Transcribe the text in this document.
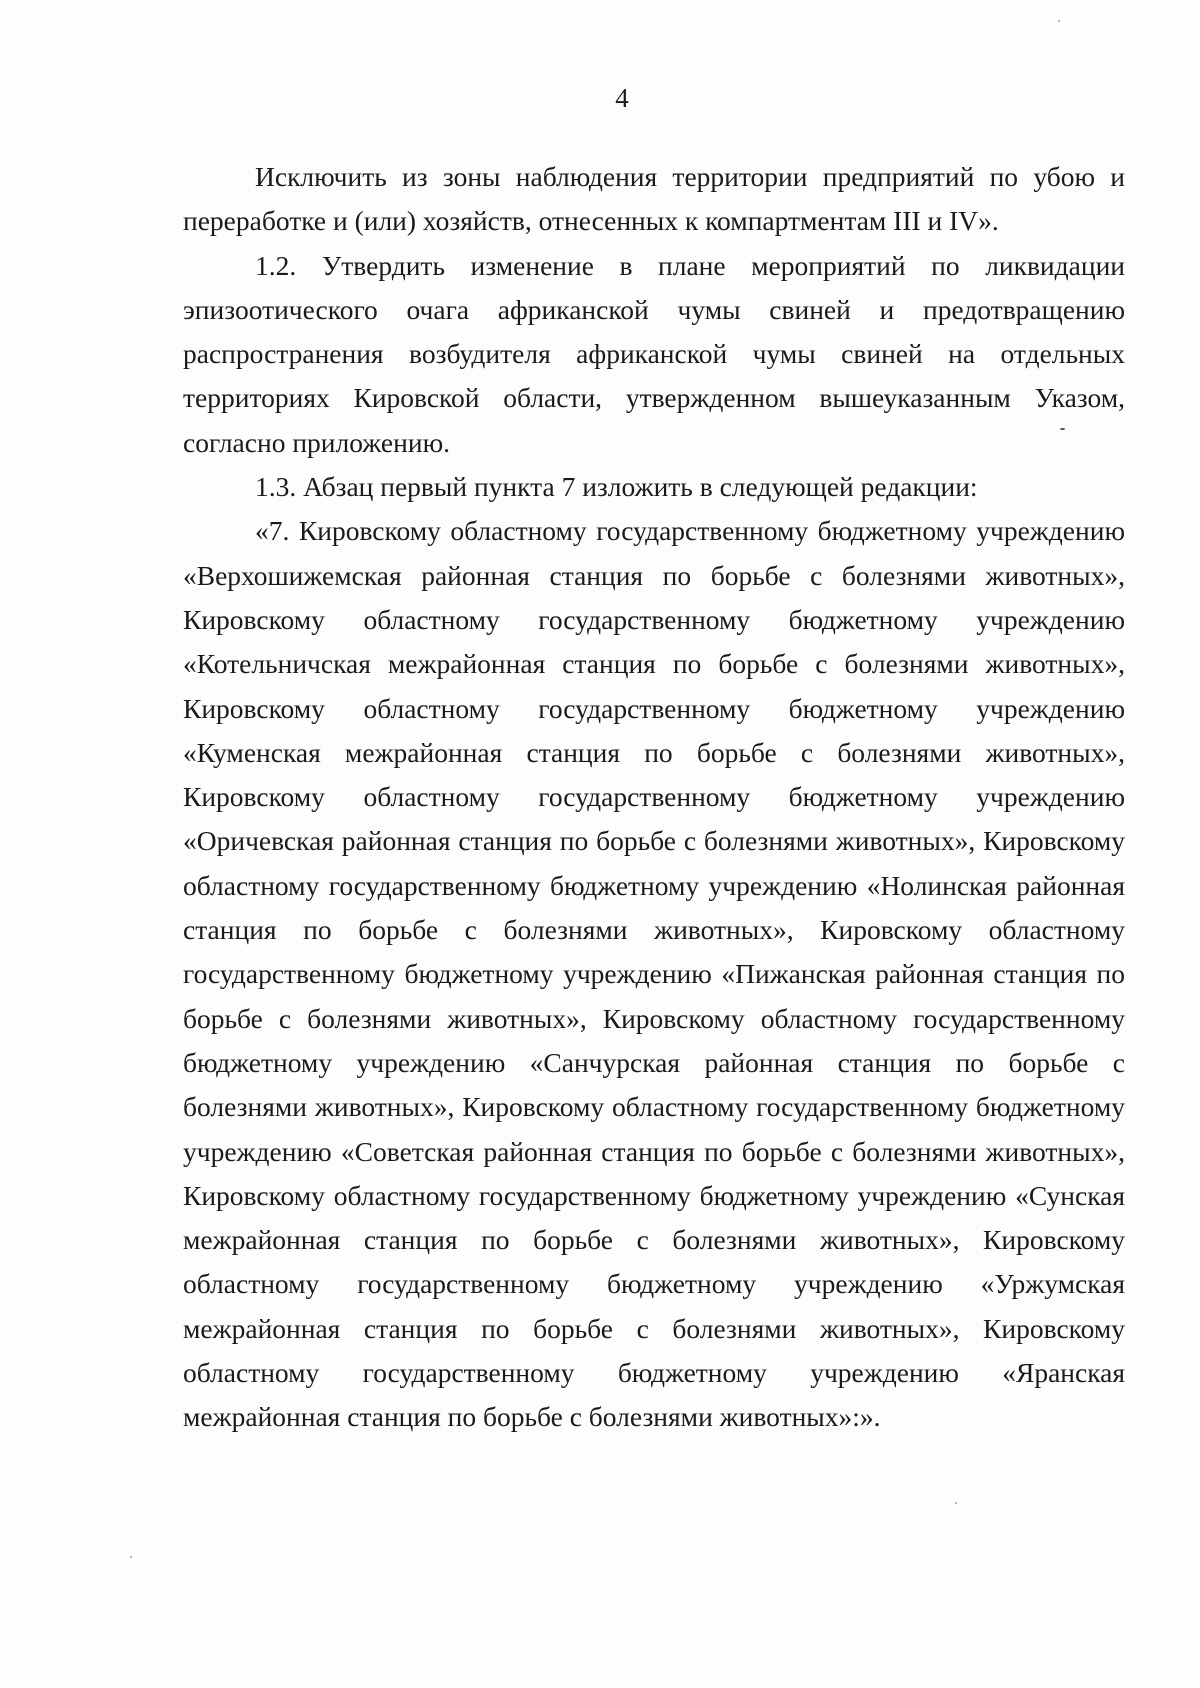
4

Исключить из зоны наблюдения территории предприятий по убою и переработке и (или) хозяйств, отнесенных к компартментам III и IV».

1.2. Утвердить изменение в плане мероприятий по ликвидации эпизоотического очага африканской чумы свиней и предотвращению распространения возбудителя африканской чумы свиней на отдельных территориях Кировской области, утвержденном вышеуказанным Указом, согласно приложению.

1.3. Абзац первый пункта 7 изложить в следующей редакции:

«7. Кировскому областному государственному бюджетному учреждению «Верхошижемская районная станция по борьбе с болезнями животных», Кировскому областному государственному бюджетному учреждению «Котельничская межрайонная станция по борьбе с болезнями животных», Кировскому областному государственному бюджетному учреждению «Куменская межрайонная станция по борьбе с болезнями животных», Кировскому областному государственному бюджетному учреждению «Оричевская районная станция по борьбе с болезнями животных», Кировскому областному государственному бюджетному учреждению «Нолинская районная станция по борьбе с болезнями животных», Кировскому областному государственному бюджетному учреждению «Пижанская районная станция по борьбе с болезнями животных», Кировскому областному государственному бюджетному учреждению «Санчурская районная станция по борьбе с болезнями животных», Кировскому областному государственному бюджетному учреждению «Советская районная станция по борьбе с болезнями животных», Кировскому областному государственному бюджетному учреждению «Сунская межрайонная станция по борьбе с болезнями животных», Кировскому областному государственному бюджетному учреждению «Уржумская межрайонная станция по борьбе с болезнями животных», Кировскому областному государственному бюджетному учреждению «Яранская межрайонная станция по борьбе с болезнями животных»:».
